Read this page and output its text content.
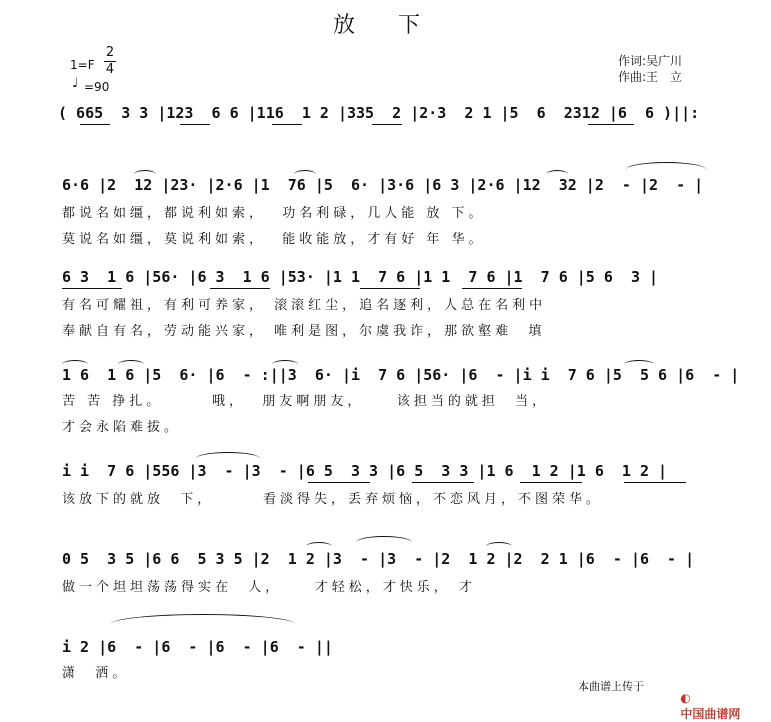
放 下
作词:吴广川
作曲:王　立
1=F
2
4
♩ =90
( 665  3 3 |123  6 6 |116  1 2 |335  2 |2·3  2 1 |5  6  2312 |6  6 )||:
6·6 |2  12 |23· |2·6 |1  76 |5  6· |3·6 |6 3 |2·6 |12  32 |2  - |2  - |
都说名如缰，都说利如索，  功名利碌，几人能 放 下。
莫说名如缰，莫说利如索，  能收能放，才有好 年 华。
6 3  1 6 |56· |6 3  1 6 |53· |1 1  7 6 |1 1  7 6 |1  7 6 |5 6  3 |
有名可耀祖，有利可养家， 滚滚红尘，追名逐利，人总在名利中
奉献自有名，劳动能兴家， 唯利是图，尔虞我诈，那欲壑难  填
1 6  1 6 |5  6· |6  - :||3  6· |i  7 6 |56· |6  - |i i  7 6 |5  5 6 |6  - |
苦 苦 挣扎。      哦，  朋友啊朋友，    该担当的就担  当，
才会永陷难拔。
i i  7 6 |556 |3  - |3  - |6 5  3 3 |6 5  3 3 |1 6  1 2 |1 6  1 2 |
该放下的就放  下，      看淡得失，丢弃烦恼，不恋风月，不图荣华。
0 5  3 5 |6 6  5 3 5 |2  1 2 |3  - |3  - |2  1 2 |2  2 1 |6  - |6  - |
做一个坦坦荡荡得实在  人，    才轻松，才快乐， 才
i 2 |6  - |6  - |6  - |6  - ||
潇  洒。
本曲谱上传于

◐
中国曲谱网
